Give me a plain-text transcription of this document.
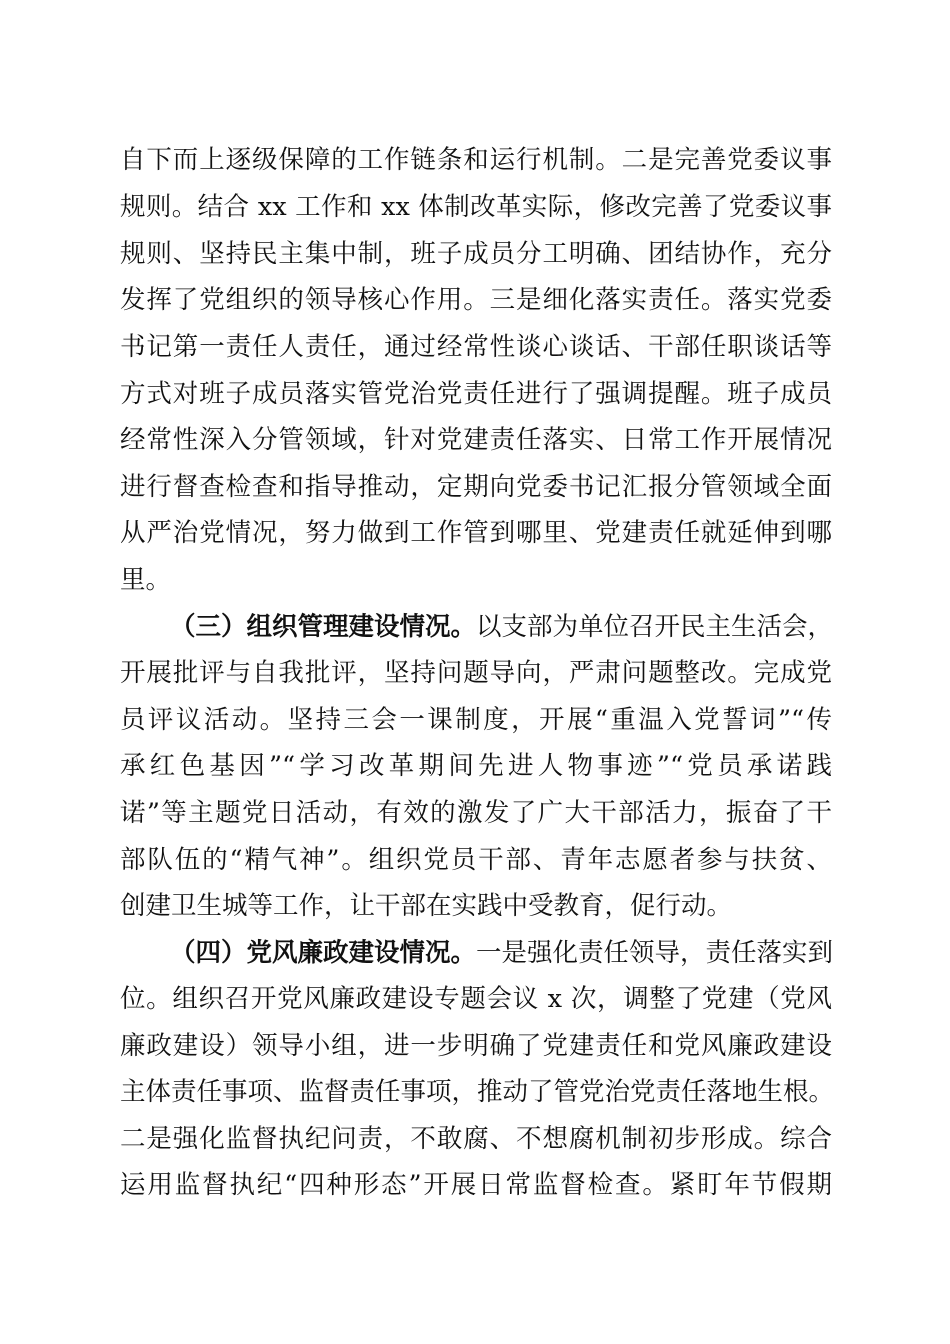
自下而上逐级保障的工作链条和运行机制。二是完善党委议事
规则。结合 xx 工作和 xx 体制改革实际，修改完善了党委议事
规则、坚持民主集中制，班子成员分工明确、团结协作，充分
发挥了党组织的领导核心作用。三是细化落实责任。落实党委
书记第一责任人责任，通过经常性谈心谈话、干部任职谈话等
方式对班子成员落实管党治党责任进行了强调提醒。班子成员
经常性深入分管领域，针对党建责任落实、日常工作开展情况
进行督查检查和指导推动，定期向党委书记汇报分管领域全面
从严治党情况，努力做到工作管到哪里、党建责任就延伸到哪
里。
（三）组织管理建设情况。以支部为单位召开民主生活会，
开展批评与自我批评，坚持问题导向，严肃问题整改。完成党
员评议活动。坚持三会一课制度，开展“重温入党誓词”“传
承红色基因”“学习改革期间先进人物事迹”“党员承诺践
诺”等主题党日活动，有效的激发了广大干部活力，振奋了干
部队伍的“精气神”。组织党员干部、青年志愿者参与扶贫、
创建卫生城等工作，让干部在实践中受教育，促行动。
（四）党风廉政建设情况。一是强化责任领导，责任落实到
位。组织召开党风廉政建设专题会议 x 次，调整了党建（党风
廉政建设）领导小组，进一步明确了党建责任和党风廉政建设
主体责任事项、监督责任事项，推动了管党治党责任落地生根。
二是强化监督执纪问责，不敢腐、不想腐机制初步形成。综合
运用监督执纪“四种形态”开展日常监督检查。紧盯年节假期
